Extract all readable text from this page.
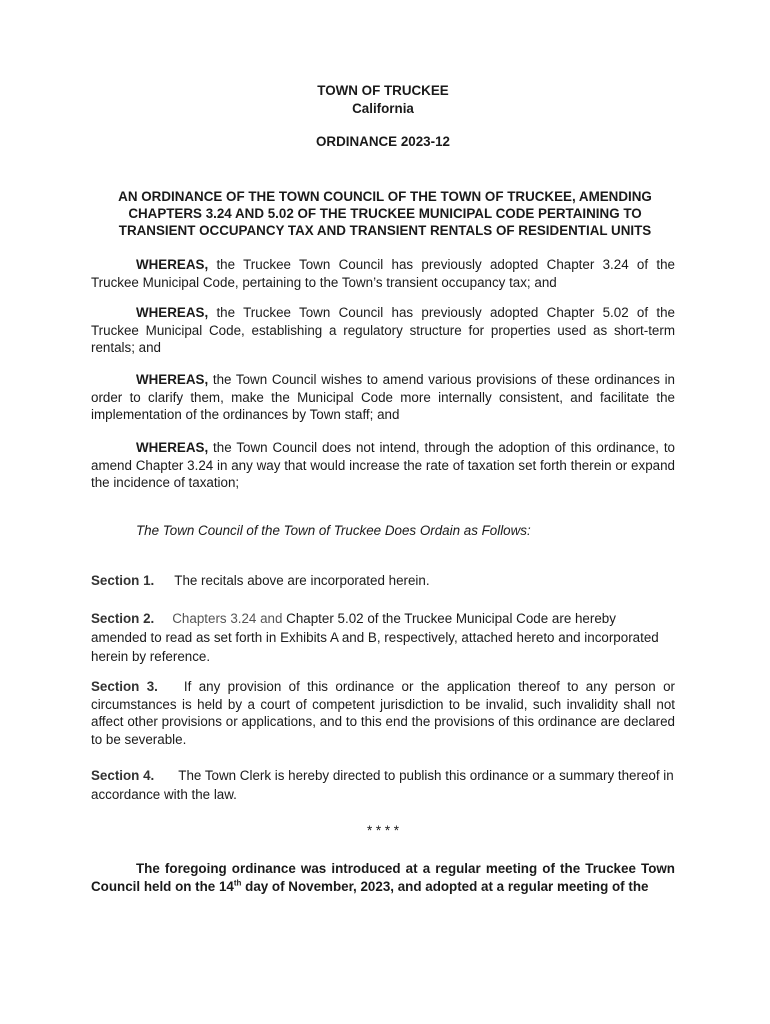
TOWN OF TRUCKEE
California
ORDINANCE 2023-12
AN ORDINANCE OF THE TOWN COUNCIL OF THE TOWN OF TRUCKEE, AMENDING
CHAPTERS 3.24 AND 5.02 OF THE TRUCKEE MUNICIPAL CODE PERTAINING TO
TRANSIENT OCCUPANCY TAX AND TRANSIENT RENTALS OF RESIDENTIAL UNITS
WHEREAS, the Truckee Town Council has previously adopted Chapter 3.24 of the Truckee Municipal Code, pertaining to the Town’s transient occupancy tax; and
WHEREAS, the Truckee Town Council has previously adopted Chapter 5.02 of the Truckee Municipal Code, establishing a regulatory structure for properties used as short-term rentals; and
WHEREAS, the Town Council wishes to amend various provisions of these ordinances in order to clarify them, make the Municipal Code more internally consistent, and facilitate the implementation of the ordinances by Town staff; and
WHEREAS, the Town Council does not intend, through the adoption of this ordinance, to amend Chapter 3.24 in any way that would increase the rate of taxation set forth therein or expand the incidence of taxation;
The Town Council of the Town of Truckee Does Ordain as Follows:
Section 1. The recitals above are incorporated herein.
Section 2. Chapters 3.24 and Chapter 5.02 of the Truckee Municipal Code are hereby amended to read as set forth in Exhibits A and B, respectively, attached hereto and incorporated herein by reference.
Section 3. If any provision of this ordinance or the application thereof to any person or circumstances is held by a court of competent jurisdiction to be invalid, such invalidity shall not affect other provisions or applications, and to this end the provisions of this ordinance are declared to be severable.
Section 4. The Town Clerk is hereby directed to publish this ordinance or a summary thereof in accordance with the law.
* * * *
The foregoing ordinance was introduced at a regular meeting of the Truckee Town Council held on the 14th day of November, 2023, and adopted at a regular meeting of the
